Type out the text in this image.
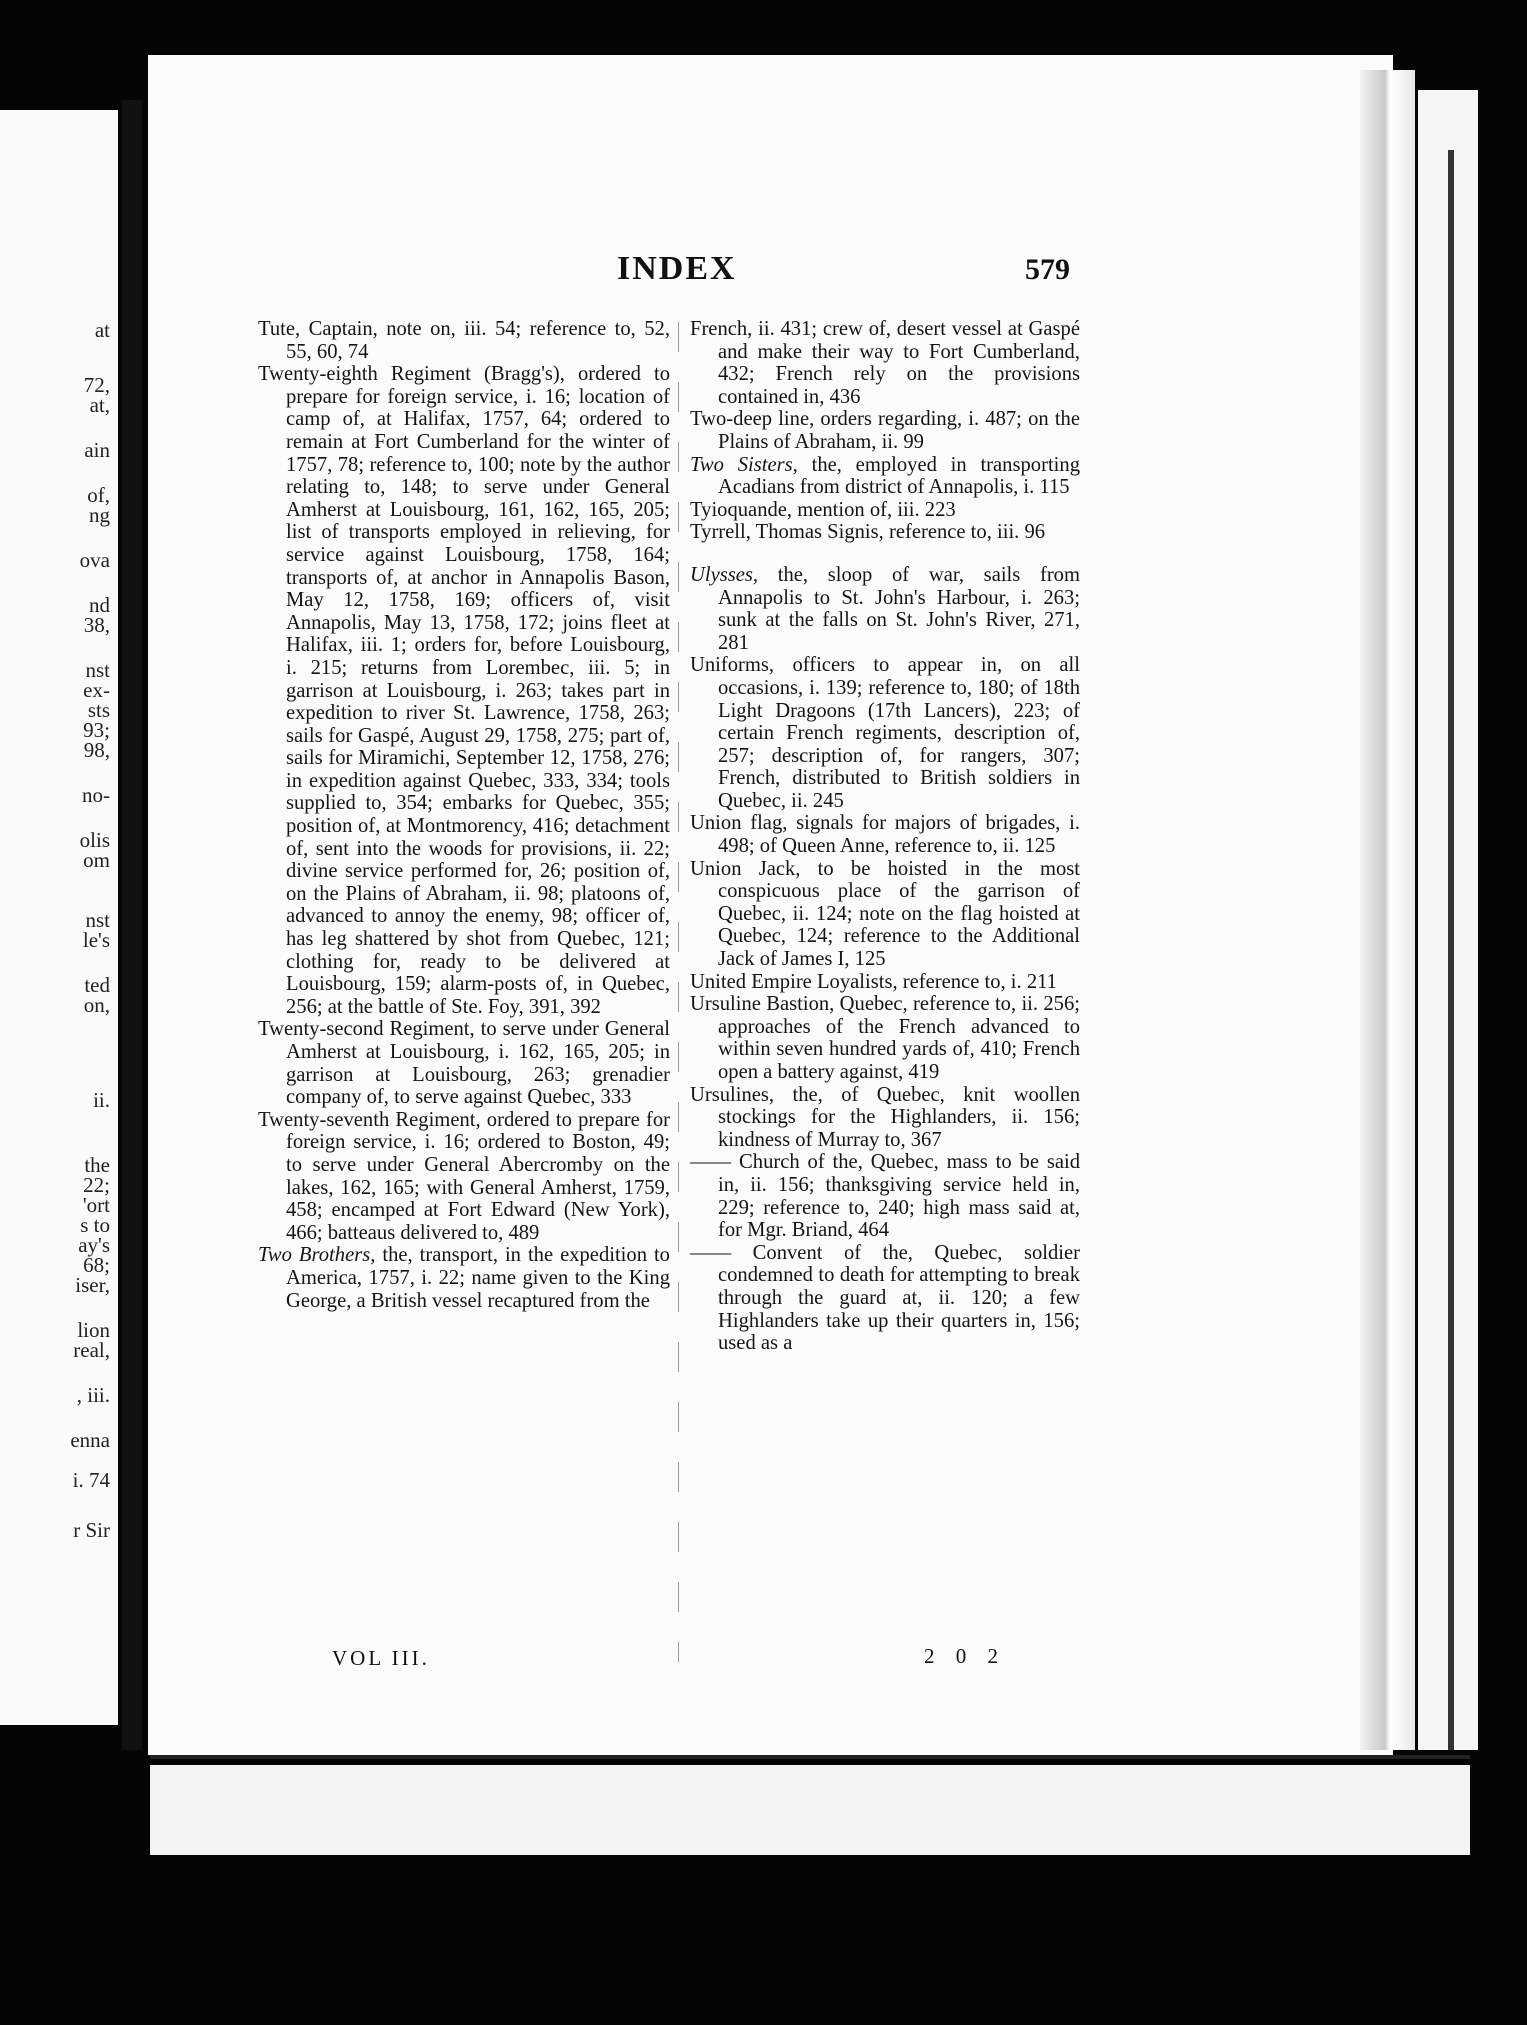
at
72,
at,
ain
of,
ng
ova
nd
38,
nst
ex-
sts
93;
98,
no-
olis
om
nst
le's
ted
on,
ii.
the
22;
'ort
s to
ay's
68;
iser,
lion
real,
, iii.
enna
i. 74
r Sir
INDEX	579

Tute, Captain, note on, iii. 54; reference to, 52, 55, 60, 74

Twenty-eighth Regiment (Bragg's), ordered to prepare for foreign service, i. 16; location of camp of, at Halifax, 1757, 64; ordered to remain at Fort Cumberland for the winter of 1757, 78; reference to, 100; note by the author relating to, 148; to serve under General Amherst at Louisbourg, 161, 162, 165, 205; list of transports employed in relieving, for service against Louisbourg, 1758, 164; transports of, at anchor in Annapolis Bason, May 12, 1758, 169; officers of, visit Annapolis, May 13, 1758, 172; joins fleet at Halifax, iii. 1; orders for, before Louisbourg, i. 215; returns from Lorembec, iii. 5; in garrison at Louisbourg, i. 263; takes part in expedition to river St. Lawrence, 1758, 263; sails for Gaspé, August 29, 1758, 275; part of, sails for Miramichi, September 12, 1758, 276; in expedition against Quebec, 333, 334; tools supplied to, 354; embarks for Quebec, 355; position of, at Montmorency, 416; detachment of, sent into the woods for provisions, ii. 22; divine service performed for, 26; position of, on the Plains of Abraham, ii. 98; platoons of, advanced to annoy the enemy, 98; officer of, has leg shattered by shot from Quebec, 121; clothing for, ready to be delivered at Louisbourg, 159; alarm-posts of, in Quebec, 256; at the battle of Ste. Foy, 391, 392

Twenty-second Regiment, to serve under General Amherst at Louisbourg, i. 162, 165, 205; in garrison at Louisbourg, 263; grenadier company of, to serve against Quebec, 333

Twenty-seventh Regiment, ordered to prepare for foreign service, i. 16; ordered to Boston, 49; to serve under General Abercromby on the lakes, 162, 165; with General Amherst, 1759, 458; encamped at Fort Edward (New York), 466; batteaus delivered to, 489

Two Brothers, the, transport, in the expedition to America, 1757, i. 22; name given to the King George, a British vessel recaptured from the

French, ii. 431; crew of, desert vessel at Gaspé and make their way to Fort Cumberland, 432; French rely on the provisions contained in, 436

Two-deep line, orders regarding, i. 487; on the Plains of Abraham, ii. 99

Two Sisters, the, employed in transporting Acadians from district of Annapolis, i. 115

Tyioquande, mention of, iii. 223

Tyrrell, Thomas Signis, reference to, iii. 96

Ulysses, the, sloop of war, sails from Annapolis to St. John's Harbour, i. 263; sunk at the falls on St. John's River, 271, 281

Uniforms, officers to appear in, on all occasions, i. 139; reference to, 180; of 18th Light Dragoons (17th Lancers), 223; of certain French regiments, description of, 257; description of, for rangers, 307; French, distributed to British soldiers in Quebec, ii. 245

Union flag, signals for majors of brigades, i. 498; of Queen Anne, reference to, ii. 125

Union Jack, to be hoisted in the most conspicuous place of the garrison of Quebec, ii. 124; note on the flag hoisted at Quebec, 124; reference to the Additional Jack of James I, 125

United Empire Loyalists, reference to, i. 211

Ursuline Bastion, Quebec, reference to, ii. 256; approaches of the French advanced to within seven hundred yards of, 410; French open a battery against, 419

Ursulines, the, of Quebec, knit woollen stockings for the Highlanders, ii. 156; kindness of Murray to, 367

—— Church of the, Quebec, mass to be said in, ii. 156; thanksgiving service held in, 229; reference to, 240; high mass said at, for Mgr. Briand, 464

—— Convent of the, Quebec, soldier condemned to death for attempting to break through the guard at, ii. 120; a few Highlanders take up their quarters in, 156; used as a

VOL III.	2 0 2
